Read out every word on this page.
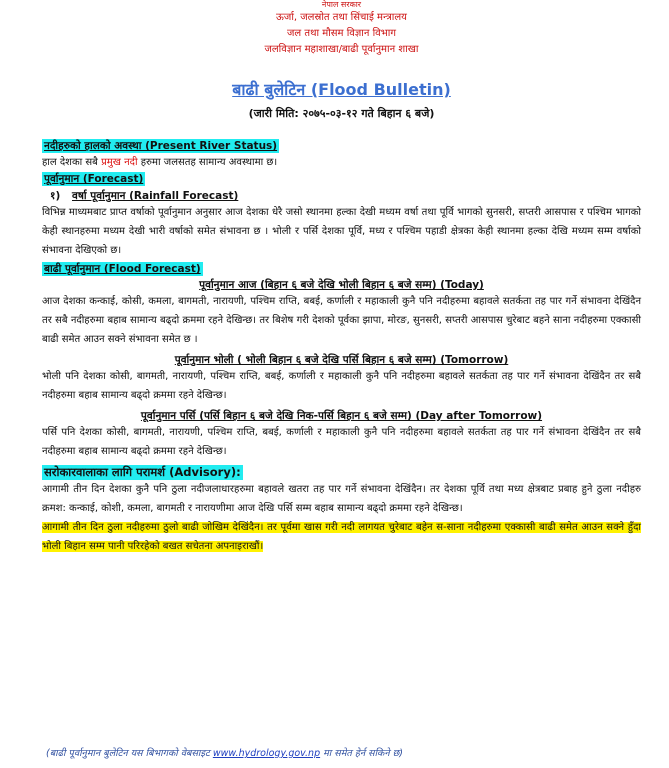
नेपाल सरकार
ऊर्जा, जलस्रोत तथा सिंचाई मन्त्रालय
जल तथा मौसम विज्ञान विभाग
जलविज्ञान महाशाखा/बाढी पूर्वानुमान शाखा
बाढी बुलेटिन (Flood Bulletin)
(जारी मिति: २०७५-०३-१२ गते बिहान ६ बजे)
नदीहरुको हालको अवस्था (Present River Status)

हाल देशका सबै प्रमुख नदी हरुमा जलसतह सामान्य अवस्थामा छ।

पूर्वानुमान (Forecast)
१) वर्षा पूर्वानुमान (Rainfall Forecast)

विभिन्न माध्यमबाट प्राप्त वर्षाको पूर्वानुमान अनुसार आज देशका धेरै जसो स्थानमा हल्का देखी मध्यम वर्षा तथा पूर्वि भागको सुनसरी, सप्तरी आसपास र पश्चिम भागको केही स्थानहरुमा मध्यम देखी भारी वर्षाको समेत संभावना छ । भोली र पर्सि देशका पूर्वि, मध्य र पश्चिम पहाडी क्षेत्रका केही स्थानमा हल्का देखि मध्यम सम्म वर्षाको संभावना देखिएको छ।

बाढी पूर्वानुमान (Flood Forecast)
पूर्वानुमान आज (बिहान ६ बजे देखि भोली बिहान ६ बजे सम्म) (Today)

आज देशका कन्काई, कोसी, कमला, बागमती, नारायणी, पश्चिम राप्ति, बबई, कर्णाली र महाकाली कुनै पनि नदीहरुमा बहावले सतर्कता तह पार गर्ने संभावना देखिंदैन तर सबै नदीहरुमा बहाब सामान्य बढ्दो क्रममा रहने देखिन्छ। तर बिशेष गरी देशको पूर्वका झापा, मोरङ, सुनसरी, सप्तरी आसपास चुरेबाट बहने साना नदीहरुमा एक्कासी बाढी समेत आउन सक्ने संभावना समेत छ ।

पूर्वानुमान भोली ( भोली बिहान ६ बजे देखि पर्सि बिहान ६ बजे सम्म) (Tomorrow)

भोली पनि देशका कोसी, बागमती, नारायणी, पश्चिम राप्ति, बबई, कर्णाली र महाकाली कुनै पनि नदीहरुमा बहावले सतर्कता तह पार गर्ने संभावना देखिंदैन तर सबै नदीहरुमा बहाब सामान्य बढ्दो क्रममा रहने देखिन्छ।

पूर्वानुमान पर्सि (पर्सि बिहान ६ बजे देखि निक-पर्सि बिहान ६ बजे सम्म) (Day after Tomorrow)

पर्सि पनि देशका कोसी, बागमती, नारायणी, पश्चिम राप्ति, बबई, कर्णाली र महाकाली कुनै पनि नदीहरुमा बहावले सतर्कता तह पार गर्ने संभावना देखिंदैन तर सबै नदीहरुमा बहाब सामान्य बढ्दो क्रममा रहने देखिन्छ।

सरोकारवालाका लागि परामर्श (Advisory):

आगामी तीन दिन देशका कुनै पनि ठुला नदीजलाधारहरुमा बहावले खतरा तह पार गर्ने संभावना देखिंदैन। तर देशका पूर्वि तथा मध्य क्षेत्रबाट प्रबाह हुने ठुला नदीहरु क्रमश: कन्काई, कोशी, कमला, बागमती र नारायणीमा आज देखि पर्सि सम्म बहाब सामान्य बढ्दो क्रममा रहने देखिन्छ।

आगामी तीन दिन ठुला नदीहरुमा ठुलो बाढी जोखिम देखिंदैन। तर पूर्वमा खास गरी नदी लागयत चुरेबाट बहेन स-साना नदीहरुमा एक्कासी बाढी समेत आउन सक्ने हुँदा भोली बिहान सम्म पानी परिरहेको बखत सचेतना अपनाइराखौं।

(बाढी पूर्वानुमान बुलेटिन यस बिभागको वेबसाइट www.hydrology.gov.np मा समेत हेर्न सकिने छ)
